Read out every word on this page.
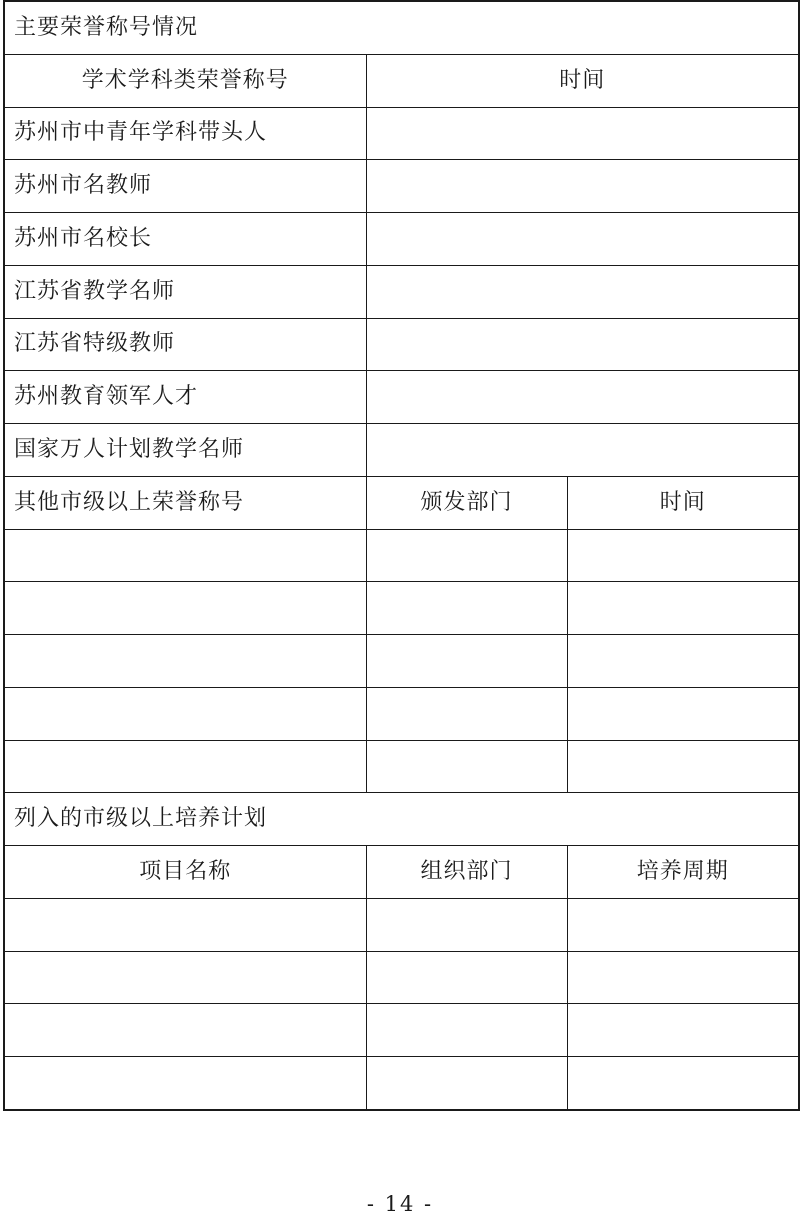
主要荣誉称号情况		
学术学科类荣誉称号	时间	
苏州市中青年学科带头人		
苏州市名教师		
苏州市名校长		
江苏省教学名师		
江苏省特级教师		
苏州教育领军人才		
国家万人计划教学名师		
其他市级以上荣誉称号	颁发部门	时间

列入的市级以上培养计划		
项目名称	组织部门	培养周期

- 14 -
